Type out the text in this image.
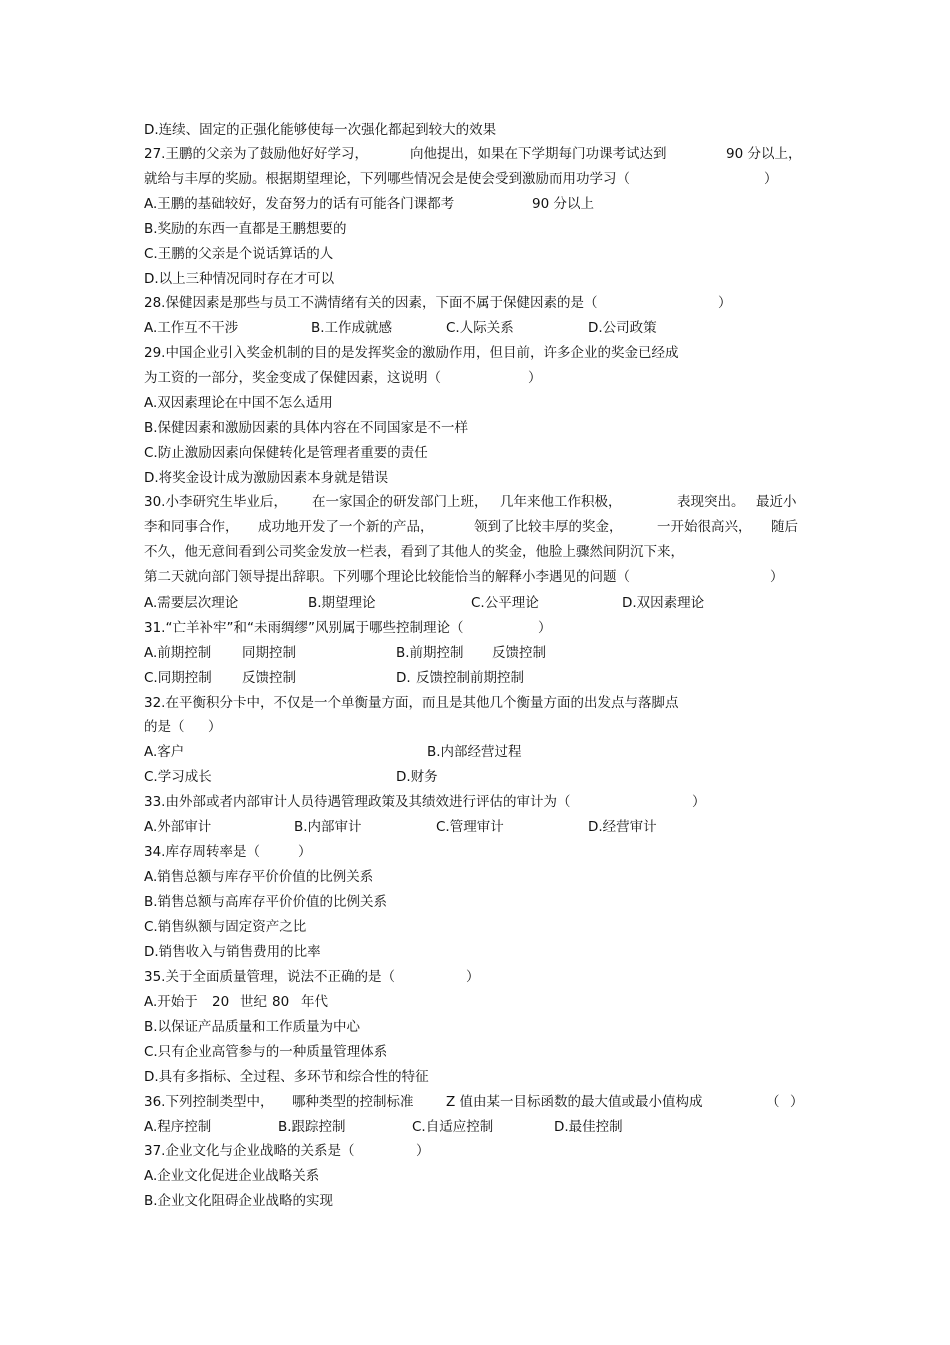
D.连续、固定的正强化能够使每一次强化都起到较大的效果
27.王鹏的父亲为了鼓励他好好学习，	向他提出，如果在下学期每门功课考试达到	90 分以上，
就给与丰厚的奖励。根据期望理论，下列哪些情况会是使会受到激励而用功学习（	）
A.王鹏的基础较好，发奋努力的话有可能各门课都考	90 分以上
B.奖励的东西一直都是王鹏想要的
C.王鹏的父亲是个说话算话的人
D.以上三种情况同时存在才可以
28.保健因素是那些与员工不满情绪有关的因素，下面不属于保健因素的是（	）
A.工作互不干涉	B.工作成就感	C.人际关系	D.公司政策
29.中国企业引入奖金机制的目的是发挥奖金的激励作用，但目前，许多企业的奖金已经成
为工资的一部分，奖金变成了保健因素，这说明（	）
A.双因素理论在中国不怎么适用
B.保健因素和激励因素的具体内容在不同国家是不一样
C.防止激励因素向保健转化是管理者重要的责任
D.将奖金设计成为激励因素本身就是错误
30.小李研究生毕业后， 在一家国企的研发部门上班， 几年来他工作积极，	表现突出。 最近小
李和同事合作， 成功地开发了一个新的产品，	领到了比较丰厚的奖金，	一开始很高兴， 随后
不久，他无意间看到公司奖金发放一栏表，看到了其他人的奖金，他脸上骤然间阴沉下来，
第二天就向部门领导提出辞职。下列哪个理论比较能恰当的解释小李遇见的问题（	）
A.需要层次理论	B.期望理论	C.公平理论	D.双因素理论
31.“亡羊补牢”和“未雨绸缪”风别属于哪些控制理论（	）
A.前期控制 同期控制	B.前期控制 反馈控制
C.同期控制 反馈控制	D. 反馈控制前期控制
32.在平衡积分卡中，不仅是一个单衡量方面，而且是其他几个衡量方面的出发点与落脚点
的是（ ）
A.客户	B.内部经营过程
C.学习成长	D.财务
33.由外部或者内部审计人员待遇管理政策及其绩效进行评估的审计为（	）
A.外部审计	B.内部审计	C.管理审计	D.经营审计
34.库存周转率是（	）
A.销售总额与库存平价价值的比例关系
B.销售总额与高库存平价价值的比例关系
C.销售纵额与固定资产之比
D.销售收入与销售费用的比率
35.关于全面质量管理，说法不正确的是（	）
A.开始于 20 世纪 80 年代
B.以保证产品质量和工作质量为中心
C.只有企业高管参与的一种质量管理体系
D.具有多指标、全过程、多环节和综合性的特征
36.下列控制类型中， 哪种类型的控制标准 Z 值由某一目标函数的最大值或最小值构成	（ ）
A.程序控制	B.跟踪控制	C.自适应控制	D.最佳控制
37.企业文化与企业战略的关系是（	）
A.企业文化促进企业战略关系
B.企业文化阻碍企业战略的实现
